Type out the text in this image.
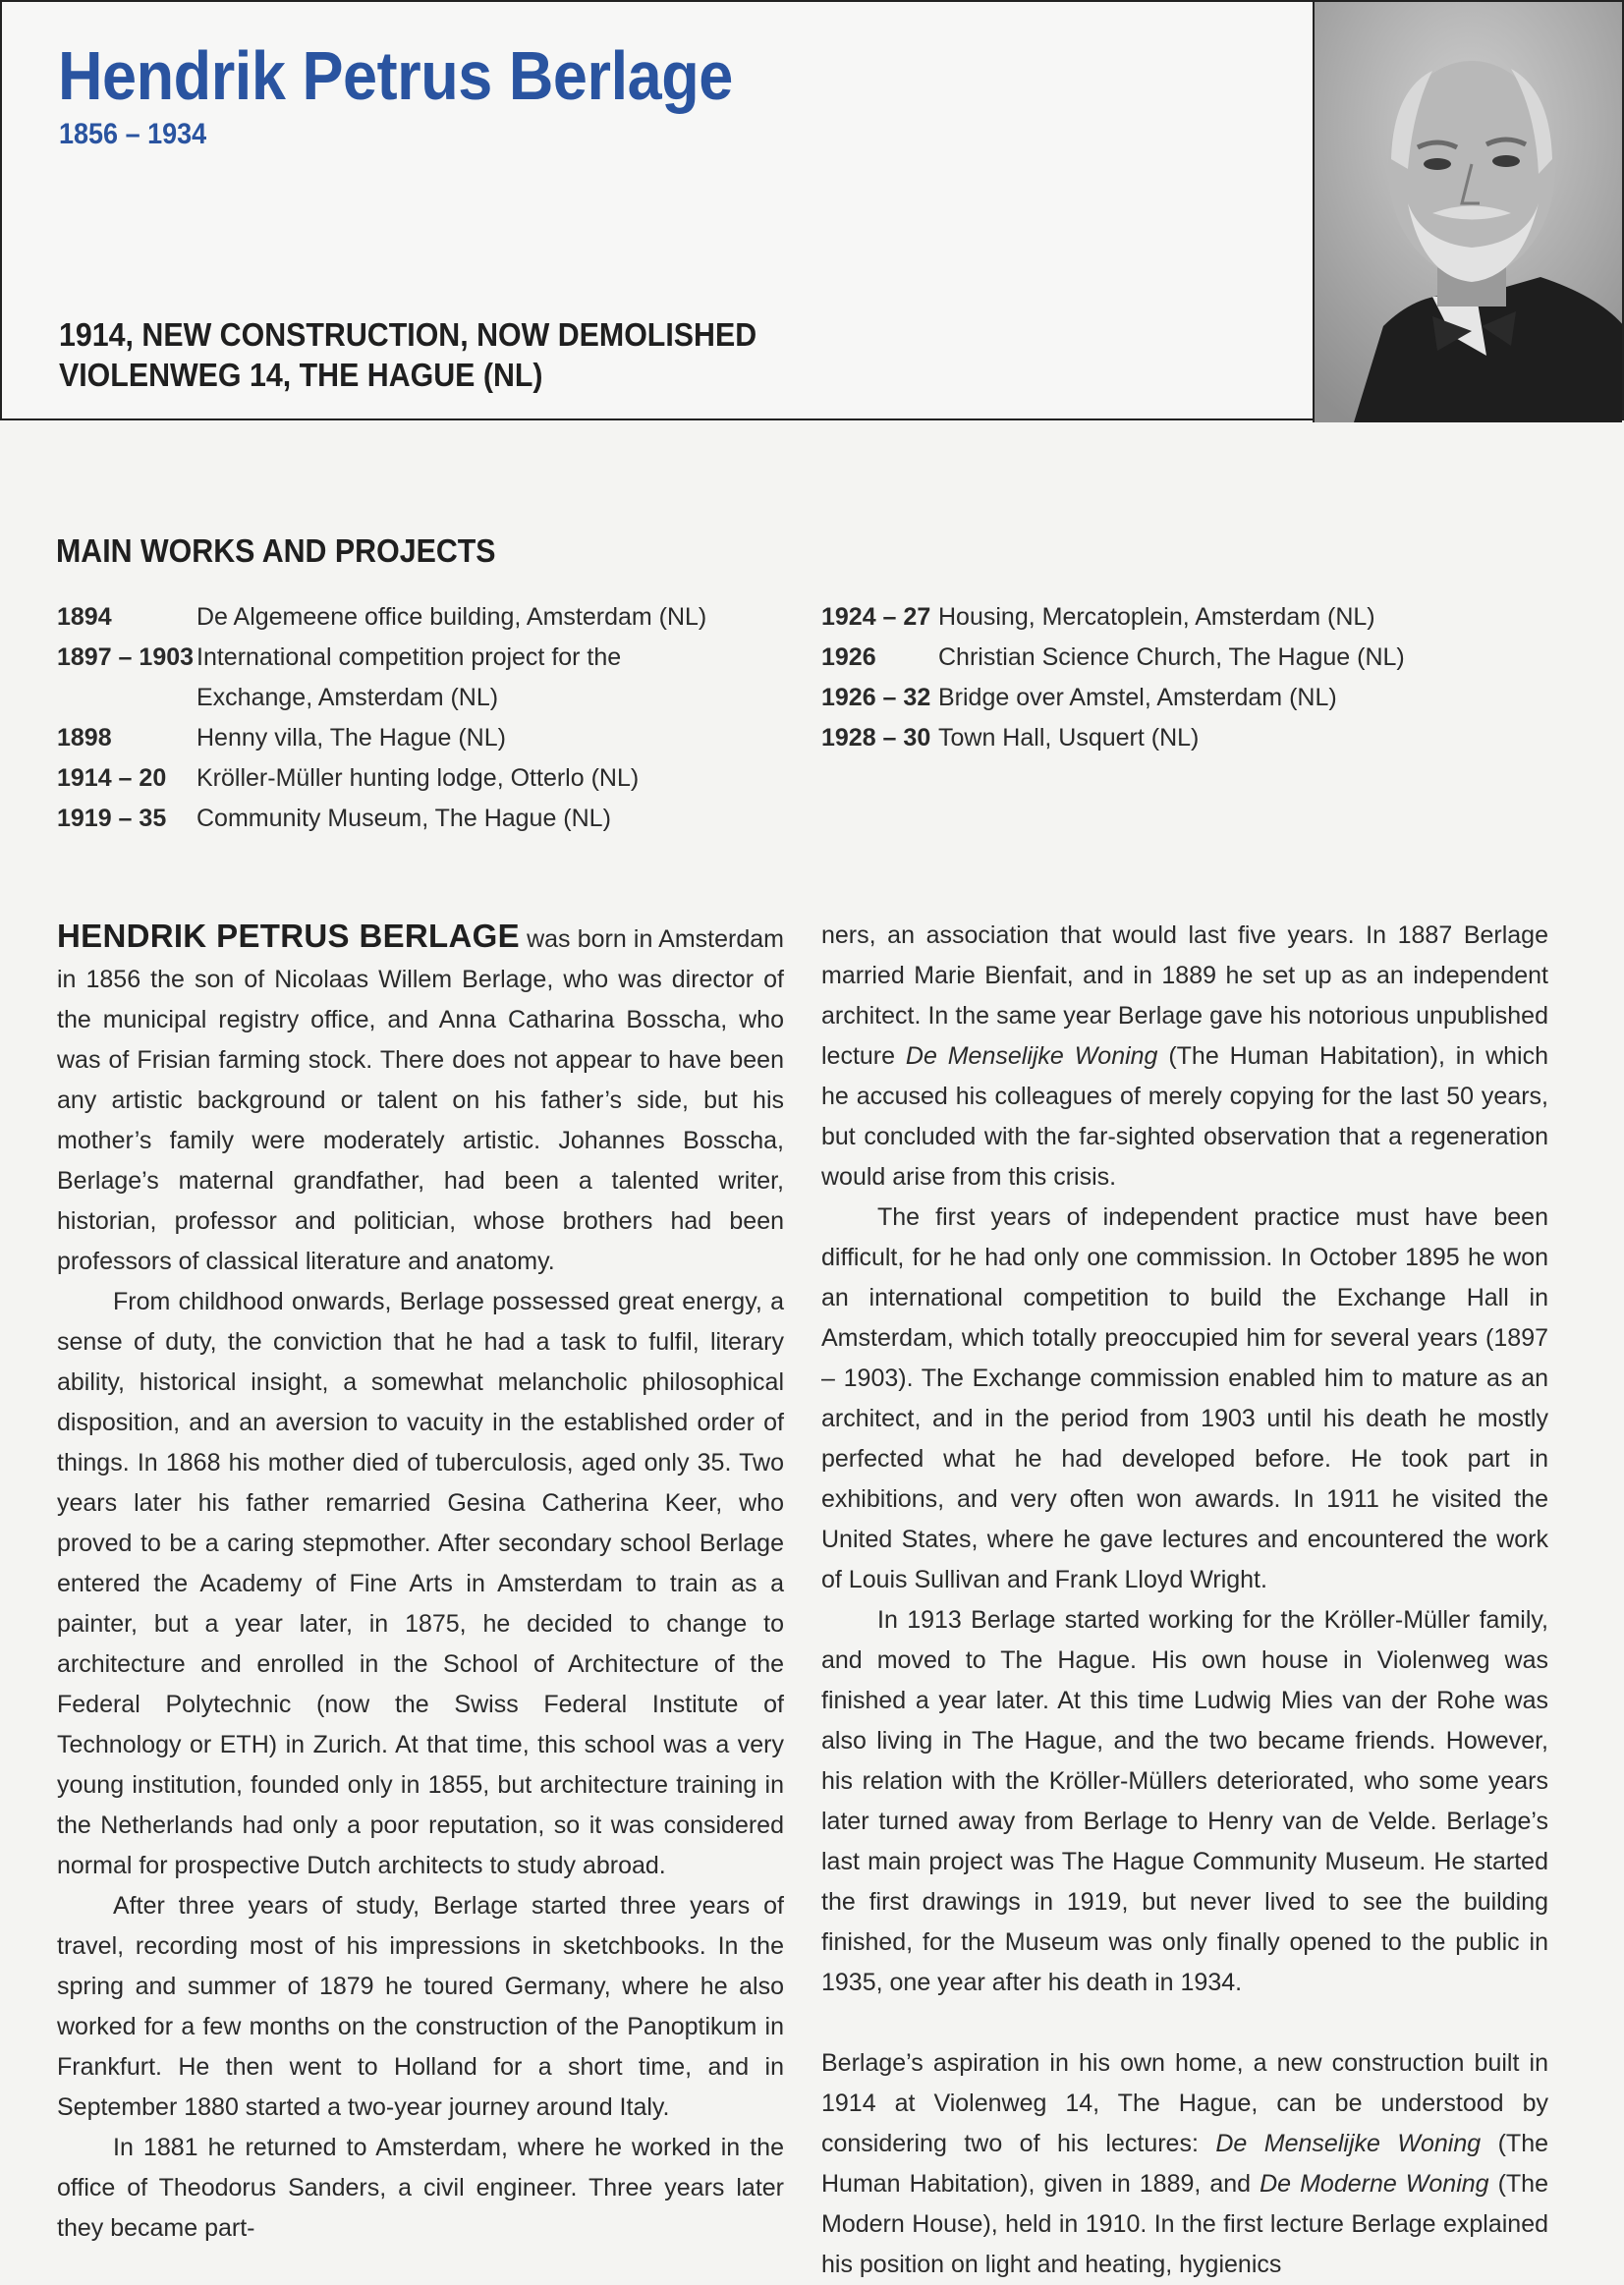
Hendrik Petrus Berlage

1856 – 1934

1914, NEW CONSTRUCTION, NOW DEMOLISHED

VIOLENWEG 14, THE HAGUE (NL)

MAIN WORKS AND PROJECTS
1894	De Algemeene office building, Amsterdam (NL)
1897 – 1903 International competition project for the
Exchange, Amsterdam (NL)
1898	Henny villa, The Hague (NL)
1914 – 20	Kröller-Müller hunting lodge, Otterlo (NL)
1919 – 35	Community Museum, The Hague (NL)
1924 – 27 Housing, Mercatoplein, Amsterdam (NL)
1926	Christian Science Church, The Hague (NL)
1926 – 32 Bridge over Amstel, Amsterdam (NL)
1928 – 30 Town Hall, Usquert (NL)

HENDRIK PETRUS BERLAGE was born in Amsterdam in 1856 the son of Nicolaas Willem Berlage, who was director of the municipal registry office, and Anna Catharina Bosscha, who was of Frisian farming stock. There does not appear to have been any artistic background or talent on his father’s side, but his mother’s family were moderately artistic. Johannes Bosscha, Berlage’s maternal grandfather, had been a talented writer, historian, professor and politician, whose brothers had been professors of classical literature and anatomy.

From childhood onwards, Berlage possessed great energy, a sense of duty, the conviction that he had a task to fulfil, literary ability, historical insight, a somewhat melancholic philosophical disposition, and an aversion to vacuity in the established order of things. In 1868 his mother died of tuberculosis, aged only 35. Two years later his father remarried Gesina Catherina Keer, who proved to be a caring stepmother. After secondary school Berlage entered the Academy of Fine Arts in Amsterdam to train as a painter, but a year later, in 1875, he decided to change to architecture and enrolled in the School of Architecture of the Federal Polytechnic (now the Swiss Federal Institute of Technology or ETH) in Zurich. At that time, this school was a very young institution, founded only in 1855, but architecture training in the Netherlands had only a poor reputation, so it was considered normal for prospective Dutch architects to study abroad.

After three years of study, Berlage started three years of travel, recording most of his impressions in sketchbooks. In the spring and summer of 1879 he toured Germany, where he also worked for a few months on the construction of the Panoptikum in Frankfurt. He then went to Holland for a short time, and in September 1880 started a two-year journey around Italy.

In 1881 he returned to Amsterdam, where he worked in the office of Theodorus Sanders, a civil engineer. Three years later they became part-

ners, an association that would last five years. In 1887 Berlage married Marie Bienfait, and in 1889 he set up as an independent architect. In the same year Berlage gave his notorious unpublished lecture De Menselijke Woning (The Human Habitation), in which he accused his colleagues of merely copying for the last 50 years, but concluded with the far-sighted observation that a regeneration would arise from this crisis.

The first years of independent practice must have been difficult, for he had only one commission. In October 1895 he won an international competition to build the Exchange Hall in Amsterdam, which totally preoccupied him for several years (1897 – 1903). The Exchange commission enabled him to mature as an architect, and in the period from 1903 until his death he mostly perfected what he had developed before. He took part in exhibitions, and very often won awards. In 1911 he visited the United States, where he gave lectures and encountered the work of Louis Sullivan and Frank Lloyd Wright.

In 1913 Berlage started working for the Kröller-Müller family, and moved to The Hague. His own house in Violenweg was finished a year later. At this time Ludwig Mies van der Rohe was also living in The Hague, and the two became friends. However, his relation with the Kröller-Müllers deteriorated, who some years later turned away from Berlage to Henry van de Velde. Berlage’s last main project was The Hague Community Museum. He started the first drawings in 1919, but never lived to see the building finished, for the Museum was only finally opened to the public in 1935, one year after his death in 1934.

Berlage’s aspiration in his own home, a new construction built in 1914 at Violenweg 14, The Hague, can be understood by considering two of his lectures: De Menselijke Woning (The Human Habitation), given in 1889, and De Moderne Woning (The Modern House), held in 1910. In the first lecture Berlage explained his position on light and heating, hygienics
